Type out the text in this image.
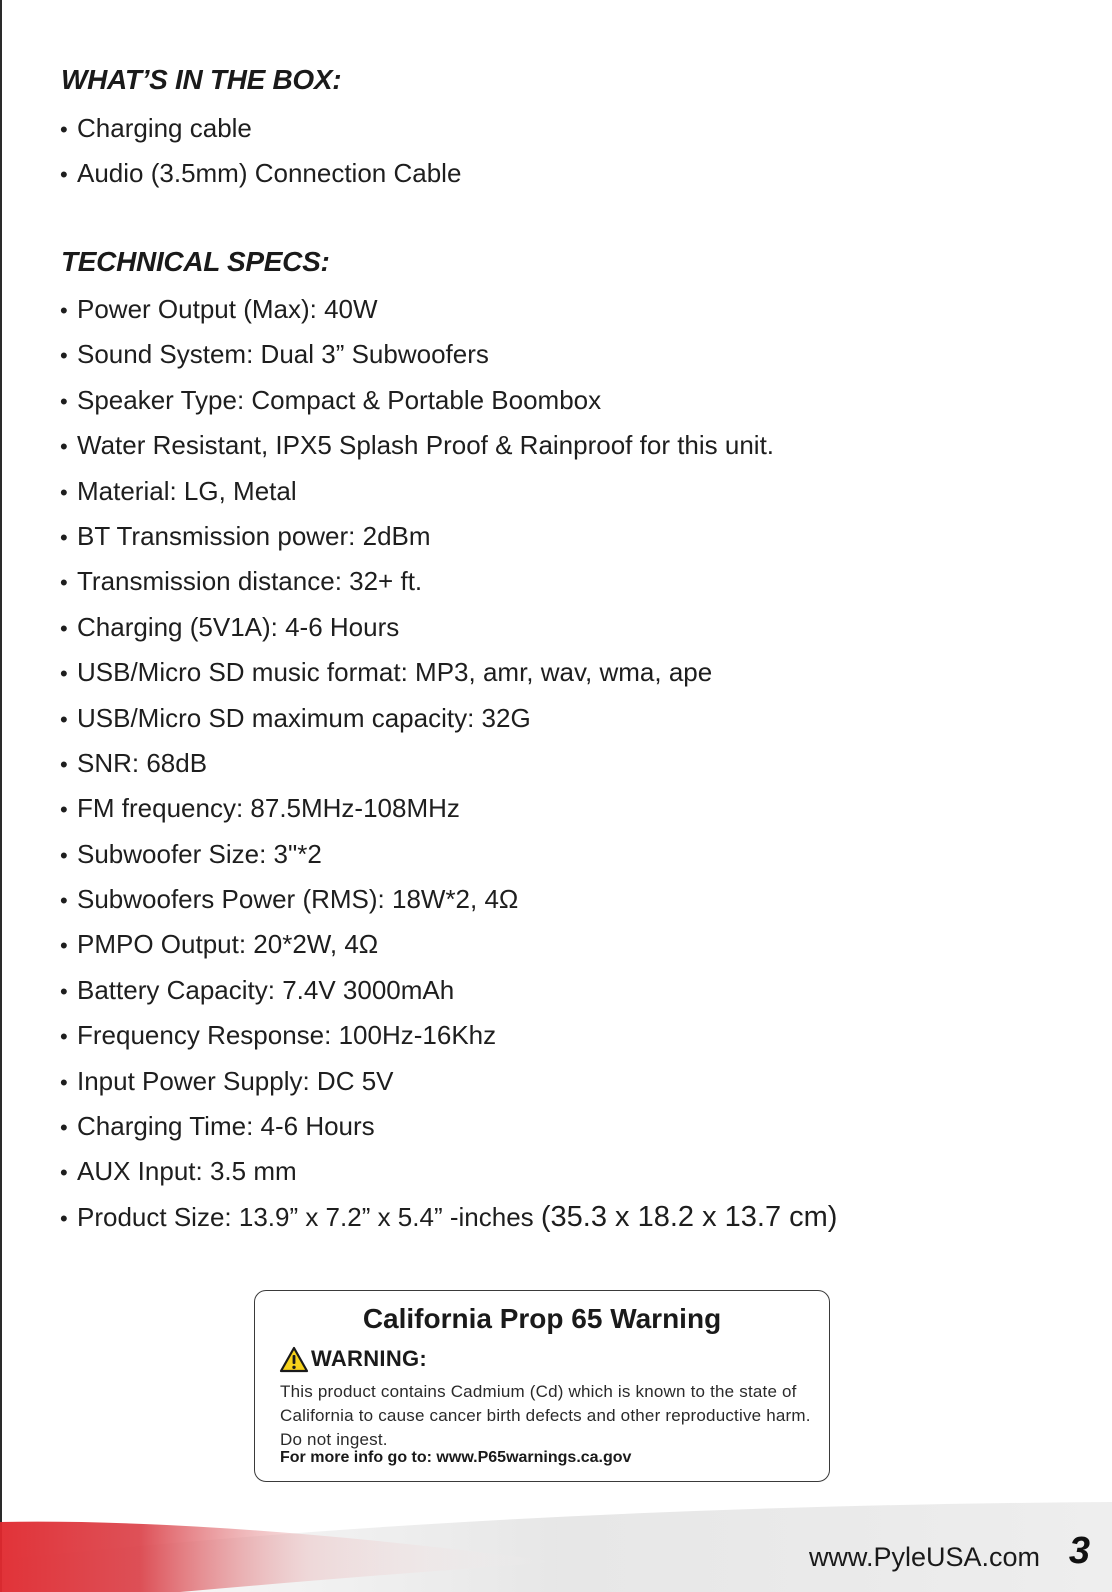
WHAT’S IN THE BOX:
• Charging cable
• Audio (3.5mm) Connection Cable
TECHNICAL SPECS:
• Power Output (Max): 40W
• Sound System: Dual 3” Subwoofers
• Speaker Type: Compact & Portable Boombox
• Water Resistant, IPX5 Splash Proof & Rainproof for this unit.
• Material: LG, Metal
• BT Transmission power: 2dBm
• Transmission distance: 32+ ft.
• Charging (5V1A): 4-6 Hours
• USB/Micro SD music format: MP3, amr, wav, wma, ape
• USB/Micro SD maximum capacity: 32G
• SNR: 68dB
• FM frequency: 87.5MHz-108MHz
• Subwoofer Size: 3"*2
• Subwoofers Power (RMS): 18W*2, 4Ω
• PMPO Output: 20*2W, 4Ω
• Battery Capacity: 7.4V 3000mAh
• Frequency Response: 100Hz-16Khz
• Input Power Supply: DC 5V
• Charging Time: 4-6 Hours
• AUX Input: 3.5 mm
• Product Size: 13.9” x 7.2” x 5.4” -inches (35.3 x 18.2 x 13.7 cm)
California Prop 65 Warning
WARNING:

This product contains Cadmium (Cd) which is known to the state of California to cause cancer birth defects and other reproductive harm. Do not ingest.

For more info go to: www.P65warnings.ca.gov

www.PyleUSA.com 3
